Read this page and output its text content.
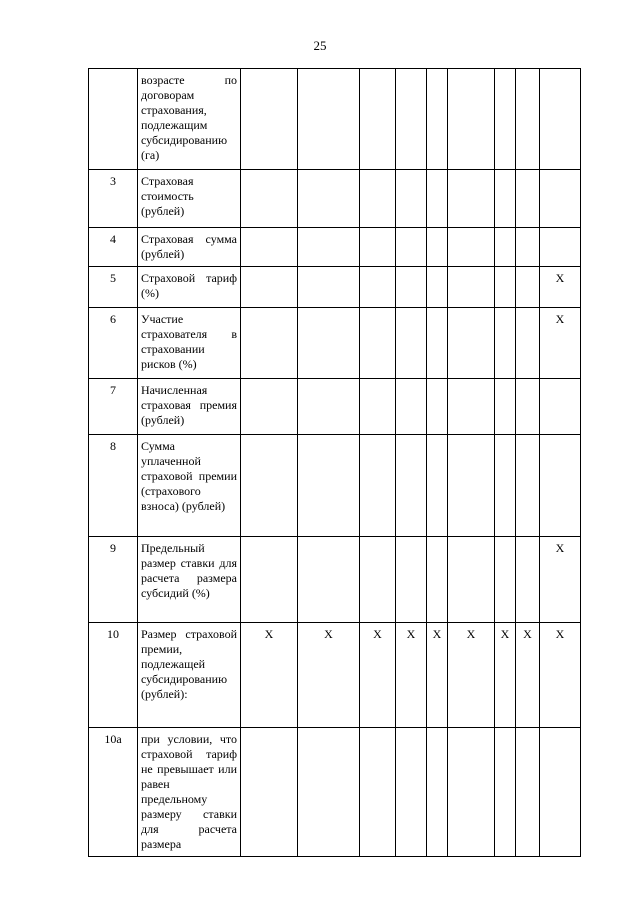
25
	возрасте по договорам страхования, подлежащим субсидированию (га)									
3	Страховая стоимость (рублей)									
4	Страховая сумма (рублей)									
5	Страховой тариф (%)									X
6	Участие страхователя в страховании рисков (%)									X
7	Начисленная страховая премия (рублей)									
8	Сумма уплаченной страховой премии (страхового взноса) (рублей)									
9	Предельный размер ставки для расчета размера субсидий (%)									X
10	Размер страховой премии, подлежащей субсидированию (рублей):	X	X	X	X	X	X	X	X	X
10а	при условии, что страховой тариф не превышает или равен предельному размеру ставки для расчета размера									
